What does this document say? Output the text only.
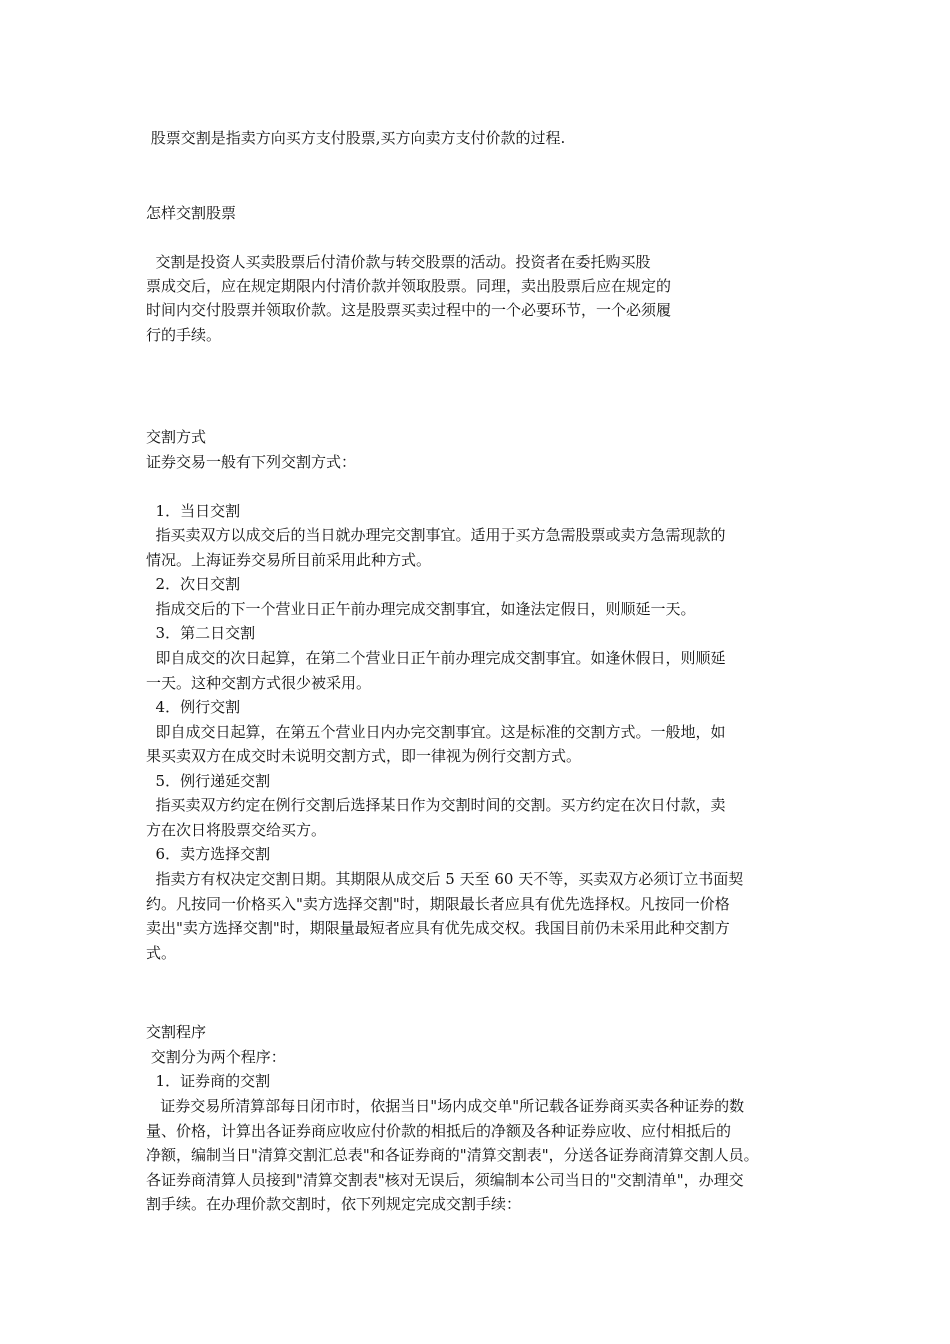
股票交割是指卖方向买方支付股票,买方向卖方支付价款的过程.
怎样交割股票
交割是投资人买卖股票后付清价款与转交股票的活动。投资者在委托购买股
票成交后，应在规定期限内付清价款并领取股票。同理，卖出股票后应在规定的
时间内交付股票并领取价款。这是股票买卖过程中的一个必要环节，一个必须履
行的手续。
交割方式
证券交易一般有下列交割方式：
1．当日交割
指买卖双方以成交后的当日就办理完交割事宜。适用于买方急需股票或卖方急需现款的
情况。上海证券交易所目前采用此种方式。
2．次日交割
指成交后的下一个营业日正午前办理完成交割事宜，如逢法定假日，则顺延一天。
3．第二日交割
即自成交的次日起算，在第二个营业日正午前办理完成交割事宜。如逢休假日，则顺延
一天。这种交割方式很少被采用。
4．例行交割
即自成交日起算，在第五个营业日内办完交割事宜。这是标准的交割方式。一般地，如
果买卖双方在成交时未说明交割方式，即一律视为例行交割方式。
5．例行递延交割
指买卖双方约定在例行交割后选择某日作为交割时间的交割。买方约定在次日付款，卖
方在次日将股票交给买方。
6．卖方选择交割
指卖方有权决定交割日期。其期限从成交后 5 天至 60 天不等，买卖双方必须订立书面契
约。凡按同一价格买入"卖方选择交割"时，期限最长者应具有优先选择权。凡按同一价格
卖出"卖方选择交割"时，期限量最短者应具有优先成交权。我国目前仍未采用此种交割方
式。
交割程序
交割分为两个程序：
1．证券商的交割
证券交易所清算部每日闭市时，依据当日"场内成交单"所记载各证券商买卖各种证券的数
量、价格，计算出各证券商应收应付价款的相抵后的净额及各种证券应收、应付相抵后的
净额，编制当日"清算交割汇总表"和各证券商的"清算交割表"，分送各证券商清算交割人员。
各证券商清算人员接到"清算交割表"核对无误后，须编制本公司当日的"交割清单"，办理交
割手续。在办理价款交割时，依下列规定完成交割手续：
